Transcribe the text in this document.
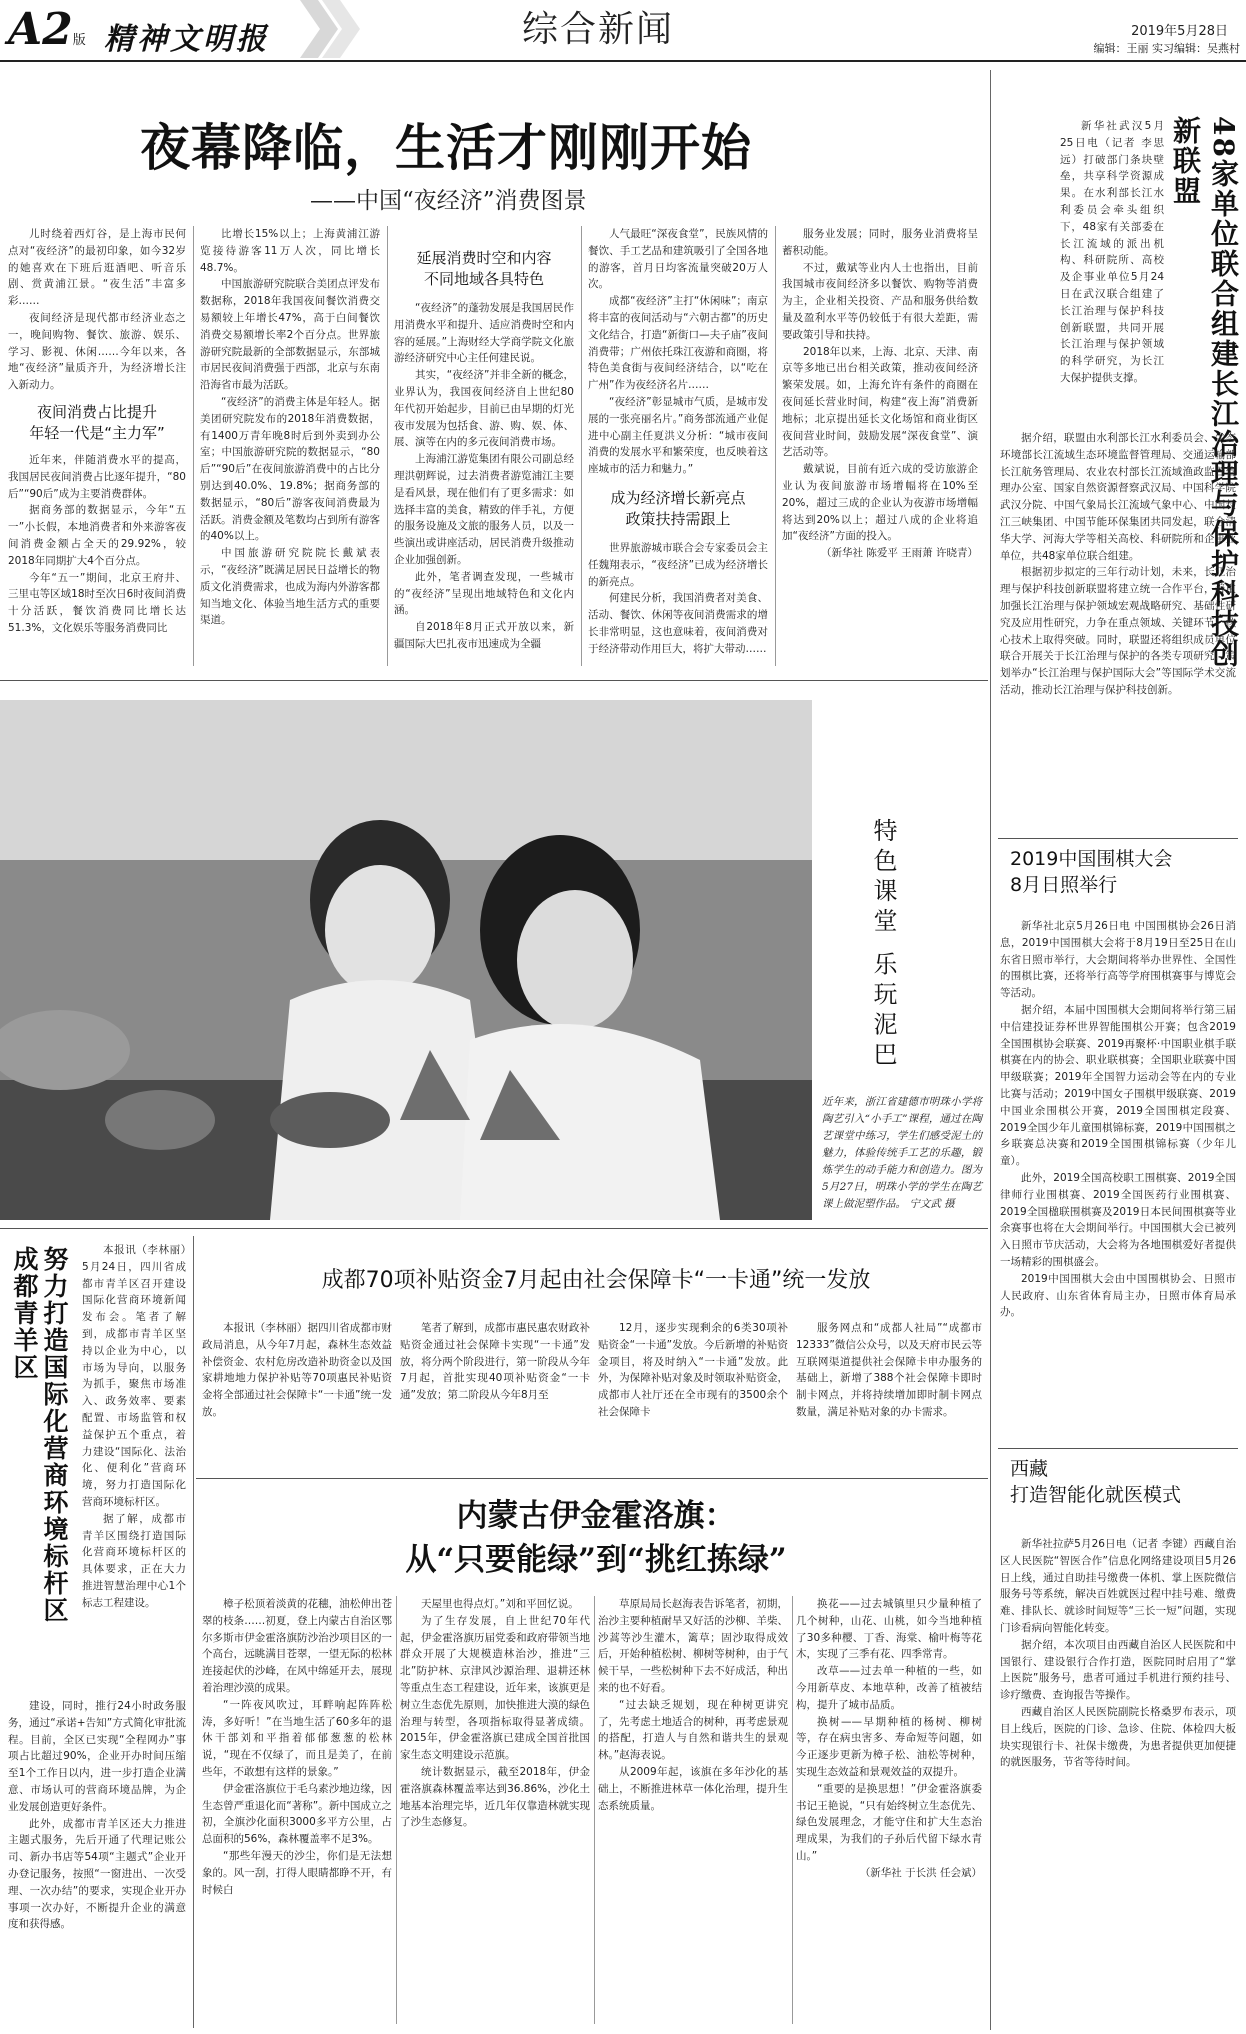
A2版 精神文明报	综合新闻	2019年5月28日
编辑：王丽 实习编辑：吴燕村
夜幕降临，生活才刚刚开始
——中国“夜经济”消费图景

儿时绕着西灯谷，是上海市民何点对“夜经济”的最初印象，如今32岁的她喜欢在下班后逛酒吧、听音乐剧、赏黄浦江景。“夜生活”丰富多彩……

夜间经济是现代都市经济业态之一，晚间购物、餐饮、旅游、娱乐、学习、影视、休闲……今年以来，各地“夜经济”量质齐升，为经济增长注入新动力。

夜间消费占比提升
年轻一代是“主力军”

近年来，伴随消费水平的提高，我国居民夜间消费占比逐年提升，“80后”“90后”成为主要消费群体。

据商务部的数据显示，今年“五一”小长假，本地消费者和外来游客夜间消费金额占全天的29.92%，较2018年同期扩大4个百分点。

今年“五一”期间，北京王府井、三里屯等区域18时至次日6时夜间消费十分活跃，餐饮消费同比增长达51.3%，文化娱乐等服务消费同比

比增长15%以上；上海黄浦江游览接待游客11万人次，同比增长48.7%。

中国旅游研究院联合美团点评发布数据称，2018年我国夜间餐饮消费交易额较上年增长47%，高于白间餐饮消费交易额增长率2个百分点。世界旅游研究院最新的全部数据显示，东部城市居民夜间消费强于西部，北京与东南沿海省市最为活跃。

“夜经济”的消费主体是年轻人。据美团研究院发布的2018年消费数据，有1400万青年晚8时后到外卖到办公室；中国旅游研究院的数据显示，“80后”“90后”在夜间旅游消费中的占比分别达到40.0%、19.8%；据商务部的数据显示，“80后”游客夜间消费最为活跃。消费金额及笔数均占到所有游客的40%以上。

中国旅游研究院院长戴斌表示，“夜经济”既满足居民日益增长的物质文化消费需求，也成为海内外游客都知当地文化、体验当地生活方式的重要渠道。

延展消费时空和内容
不同地域各具特色

“夜经济”的蓬勃发展是我国居民作用消费水平和提升、适应消费时空和内容的延展。”上海财经大学商学院文化旅游经济研究中心主任何建民说。

其实，“夜经济”并非全新的概念，业界认为，我国夜间经济自上世纪80年代初开始起步，目前已由早期的灯光夜市发展为包括食、游、购、娱、体、展、演等在内的多元夜间消费市场。

上海浦江游览集团有限公司副总经理洪朝辉说，过去消费者游览浦江主要是看风景，现在他们有了更多需求：如选择丰富的美食，精致的伴手礼，方便的服务设施及文旅的服务人员，以及一些演出或讲座活动，居民消费升级推动企业加强创新。

此外，笔者调查发现，一些城市的“夜经济”呈现出地域特色和文化内涵。

自2018年8月正式开放以来，新疆国际大巴扎夜市迅速成为全疆

人气最旺“深夜食堂”，民族风情的餐饮、手工艺品和建筑吸引了全国各地的游客，首月日均客流量突破20万人次。

成都“夜经济”主打“休闲味”；南京将丰富的夜间活动与“六朝古都”的历史文化结合，打造“新街口—夫子庙”夜间消费带；广州依托珠江夜游和商圈，将特色美食街与夜间经济结合，以“吃在广州”作为夜经济名片……

“夜经济”彰显城市气质，是城市发展的一张亮丽名片。”商务部流通产业促进中心副主任夏洪义分析：“城市夜间消费的发展水平和繁荣度，也反映着这座城市的活力和魅力。”

成为经济增长新亮点
政策扶持需跟上

世界旅游城市联合会专家委员会主任魏翔表示，“夜经济”已成为经济增长的新亮点。

何建民分析，我国消费者对美食、活动、餐饮、休闲等夜间消费需求的增长非常明显，这也意味着，夜间消费对于经济带动作用巨大，将扩大带动……

服务业发展；同时，服务业消费将呈蓄积动能。

不过，戴斌等业内人士也指出，目前我国城市夜间经济多以餐饮、购物等消费为主，企业相关投资、产品和服务供给数量及盈利水平等仍较低于有很大差距，需要政策引导和扶持。

2018年以来，上海、北京、天津、南京等多地已出台相关政策，推动夜间经济繁荣发展。如，上海允许有条件的商圈在夜间延长营业时间，构建“夜上海”消费新地标；北京提出延长文化场馆和商业街区夜间营业时间，鼓励发展“深夜食堂”、演艺活动等。

戴斌说，目前有近六成的受访旅游企业认为夜间旅游市场增幅将在10%至20%，超过三成的企业认为夜游市场增幅将达到20%以上；超过八成的企业将追加“夜经济”方面的投入。

（新华社 陈爱平 王雨萧 许晓青）

特色课堂 乐玩泥巴
近年来，浙江省建德市明珠小学将陶艺引入“小手工”课程，通过在陶艺课堂中练习，学生们感受泥土的魅力，体验传统手工艺的乐趣，锻炼学生的动手能力和创造力。图为5月27日，明珠小学的学生在陶艺课上做泥塑作品。 宁文武 摄
48家单位联合组建长江治理与保护科技创新联盟

新华社武汉5月25日电（记者 李思远）打破部门条块壁垒，共享科学资源成果。在水利部长江水利委员会牵头组织下，48家有关部委在长江流域的派出机构、科研院所、高校及企事业单位5月24日在武汉联合组建了长江治理与保护科技创新联盟，共同开展长江治理与保护领域的科学研究，为长江大保护提供支撑。

据介绍，联盟由水利部长江水利委员会、生态环境部长江流域生态环境监督管理局、交通运输部长江航务管理局、农业农村部长江流域渔政监督管理办公室、国家自然资源督察武汉局、中国科学院武汉分院、中国气象局长江流域气象中心、中国长江三峡集团、中国节能环保集团共同发起，联合清华大学、河海大学等相关高校、科研院所和企事业单位，共48家单位联合组建。

根据初步拟定的三年行动计划，未来，长江治理与保护科技创新联盟将建立统一合作平台，着重加强长江治理与保护领域宏观战略研究、基础性研究及应用性研究，力争在重点领域、关键环节、核心技术上取得突破。同时，联盟还将组织成员单位联合开展关于长江治理与保护的各类专项研究，策划举办“长江治理与保护国际大会”等国际学术交流活动，推动长江治理与保护科技创新。

2019中国围棋大会
8月日照举行

新华社北京5月26日电 中国围棋协会26日消息，2019中国围棋大会将于8月19日至25日在山东省日照市举行，大会期间将举办世界性、全国性的围棋比赛，还将举行高等学府围棋赛事与博览会等活动。

据介绍，本届中国围棋大会期间将举行第三届中信建投证券杯世界智能围棋公开赛；包含2019全国围棋协会联赛、2019再聚杯·中国职业棋手联棋赛在内的协会、职业联棋赛；全国职业联赛中国甲级联赛；2019年全国智力运动会等在内的专业比赛与活动；2019中国女子围棋甲级联赛、2019中国业余围棋公开赛，2019全国围棋定段赛、2019全国少年儿童围棋锦标赛，2019中国围棋之乡联赛总决赛和2019全国围棋锦标赛（少年儿童）。

此外，2019全国高校职工围棋赛、2019全国律师行业围棋赛、2019全国医药行业围棋赛、2019全国楹联围棋赛及2019日本民间围棋赛等业余赛事也将在大会期间举行。中国围棋大会已被列入日照市节庆活动，大会将为各地围棋爱好者提供一场精彩的围棋盛会。

2019中国围棋大会由中国围棋协会、日照市人民政府、山东省体育局主办，日照市体育局承办。

西藏
打造智能化就医模式

新华社拉萨5月26日电（记者 李键）西藏自治区人民医院“智医合作”信息化网络建设项目5月26日上线，通过自助挂号缴费一体机、掌上医院微信服务号等系统，解决百姓就医过程中挂号难、缴费难、排队长、就诊时间短等“三长一短”问题，实现门诊看病向智能化转变。

据介绍，本次项目由西藏自治区人民医院和中国银行、建设银行合作打造，医院同时启用了“掌上医院”服务号，患者可通过手机进行预约挂号、诊疗缴费、查询报告等操作。

西藏自治区人民医院副院长格桑罗布表示，项目上线后，医院的门诊、急诊、住院、体检四大板块实现银行卡、社保卡缴费，为患者提供更加便捷的就医服务，节省等待时间。

成都青羊区 努力打造国际化营商环境标杆区	本报讯（李林丽）5月24日，四川省成都市青羊区召开建设国际化营商环境新闻发布会。笔者了解到，成都市青羊区坚持以企业为中心，以市场为导向，以服务为抓手，聚焦市场准入、政务效率、要素配置、市场监管和权益保护五个重点，着力建设“国际化、法治化、便利化”营商环境，努力打造国际化营商环境标杆区。

据了解，成都市青羊区围绕打造国际化营商环境标杆区的具体要求，正在大力推进智慧治理中心1个标志工程建设。

建设，同时，推行24小时政务服务，通过“承诺+告知”方式简化审批流程。目前，全区已实现“全程网办”事项占比超过90%，企业开办时间压缩至1个工作日以内，进一步打造企业满意、市场认可的营商环境品牌，为企业发展创造更好条件。

此外，成都市青羊区还大力推进主题式服务，先后开通了代理记账公司、新办书店等54项“主题式”企业开办登记服务，按照“一窗进出、一次受理、一次办结”的要求，实现企业开办事项一次办好，不断提升企业的满意度和获得感。

成都70项补贴资金7月起由社会保障卡“一卡通”统一发放

本报讯（李林丽）据四川省成都市财政局消息，从今年7月起，森林生态效益补偿资金、农村危房改造补助资金以及国家耕地地力保护补贴等70项惠民补贴资金将全部通过社会保障卡“一卡通”统一发放。

笔者了解到，成都市惠民惠农财政补贴资金通过社会保障卡实现“一卡通”发放，将分两个阶段进行，第一阶段从今年7月起，首批实现40项补贴资金“一卡通”发放；第二阶段从今年8月至

12月，逐步实现剩余的6类30项补贴资金“一卡通”发放。今后新增的补贴资金项目，将及时纳入“一卡通”发放。此外，为保障补贴对象及时领取补贴资金，成都市人社厅还在全市现有的3500余个社会保障卡

服务网点和“成都人社局”“成都市12333”微信公众号，以及天府市民云等互联网渠道提供社会保障卡申办服务的基础上，新增了388个社会保障卡即时制卡网点，并将持续增加即时制卡网点数量，满足补贴对象的办卡需求。

内蒙古伊金霍洛旗：
从“只要能绿”到“挑红拣绿”

樟子松顶着淡黄的花穗，油松伸出苍翠的枝条……初夏，登上内蒙古自治区鄂尔多斯市伊金霍洛旗防沙治沙项目区的一个高台，远眺满目苍翠，一望无际的松林连接起伏的沙峰，在风中绵延开去，展现着治理沙漠的成果。

“一阵夜风吹过，耳畔响起阵阵松涛，多好听！”在当地生活了60多年的退休干部刘和平指着郁郁葱葱的松林说，“现在不仅绿了，而且是美了，在前些年，不敢想有这样的景象。”

伊金霍洛旗位于毛乌素沙地边缘，因生态曾严重退化而“著称”。新中国成立之初，全旗沙化面积3000多平方公里，占总面积的56%，森林覆盖率不足3%。

“那些年漫天的沙尘，你们是无法想象的。风一刮，打得人眼睛都睁不开，有时候白

天屋里也得点灯。”刘和平回忆说。

为了生存发展，自上世纪70年代起，伊金霍洛旗历届党委和政府带领当地群众开展了大规模造林治沙，推进“三北”防护林、京津风沙源治理、退耕还林等重点生态工程建设，近年来，该旗更是树立生态优先原则，加快推进大漠的绿色治理与转型，各项指标取得显著成绩。2015年，伊金霍洛旗已建成全国首批国家生态文明建设示范旗。

统计数据显示，截至2018年，伊金霍洛旗森林覆盖率达到36.86%，沙化土地基本治理完毕，近几年仅靠造林就实现了沙生态修复。

草原局局长赵海表告诉笔者，初期，治沙主要种植耐旱又好活的沙柳、羊柴、沙蒿等沙生灌木，篱草；固沙取得成效后，开始种植松树、柳树等树种，由于气候干旱，一些松树种下去不好成活，种出来的也不好看。

“过去缺乏规划，现在种树更讲究了，先考虑土地适合的树种，再考虑景观的搭配，打造人与自然和谐共生的景观林。”赵海表说。

从2009年起，该旗在多年沙化的基础上，不断推进林草一体化治理，提升生态系统质量。

换花——过去城镇里只少量种植了几个树种，山花、山桃，如今当地种植了30多种樱、丁香、海棠、榆叶梅等花木，实现了三季有花、四季常青。

改草——过去单一种植的一些，如今用新草皮、本地草种，改善了植被结构，提升了城市品质。

换树——早期种植的杨树、柳树等，存在病虫害多、寿命短等问题，如今正逐步更新为樟子松、油松等树种，实现生态效益和景观效益的双提升。

“重要的是换思想！”伊金霍洛旗委书记王艳说，“只有始终树立生态优先、绿色发展理念，才能守住和扩大生态治理成果，为我们的子孙后代留下绿水青山。”

（新华社 于长洪 任会斌）
